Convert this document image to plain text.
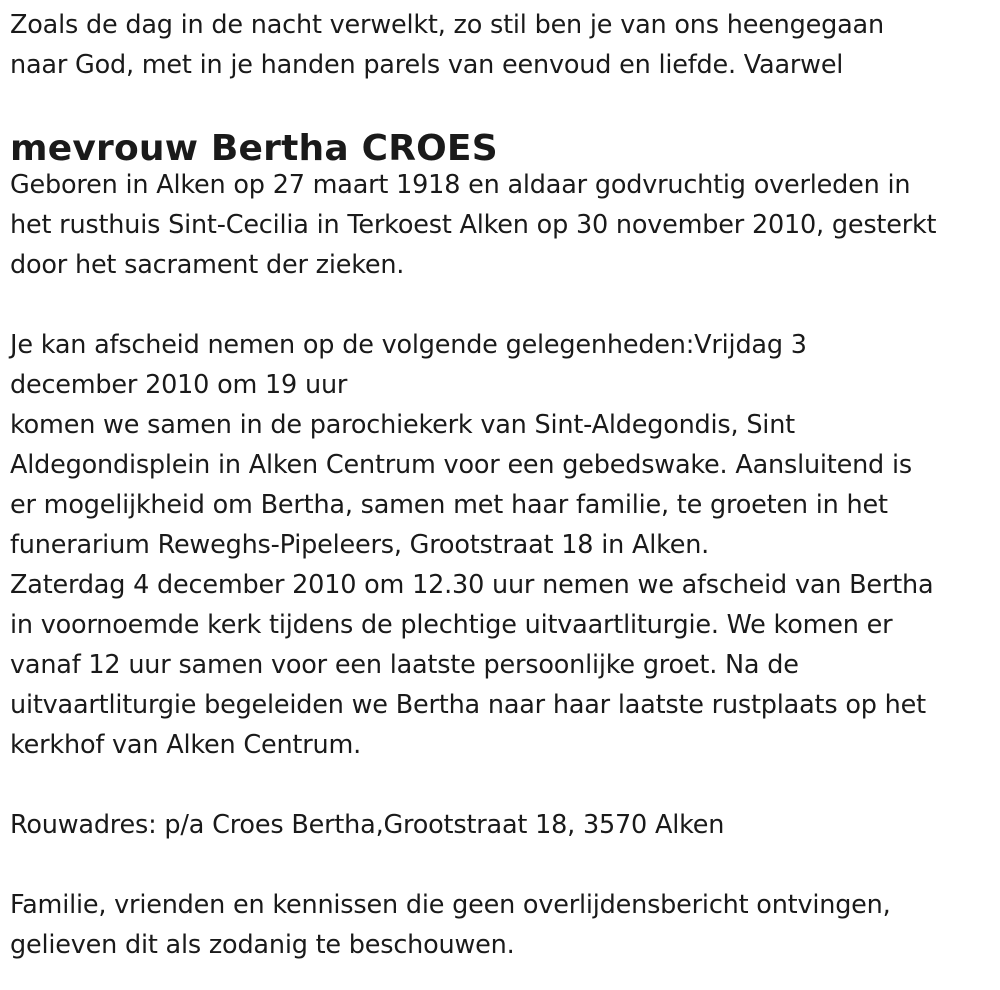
Zoals de dag in de nacht verwelkt, zo stil ben je van ons heengegaan
naar God, met in je handen parels van eenvoud en liefde. Vaarwel
mevrouw Bertha CROES
Geboren in Alken op 27 maart 1918 en aldaar godvruchtig overleden in
het rusthuis Sint-Cecilia in Terkoest Alken op 30 november 2010, gesterkt
door het sacrament der zieken.
Je kan afscheid nemen op de volgende gelegenheden:Vrijdag 3
december 2010 om 19 uur
komen we samen in de parochiekerk van Sint-Aldegondis, Sint
Aldegondisplein in Alken Centrum voor een gebedswake. Aansluitend is
er mogelijkheid om Bertha, samen met haar familie, te groeten in het
funerarium Reweghs-Pipeleers, Grootstraat 18 in Alken.
Zaterdag 4 december 2010 om 12.30 uur nemen we afscheid van Bertha
in voornoemde kerk tijdens de plechtige uitvaartliturgie. We komen er
vanaf 12 uur samen voor een laatste persoonlijke groet. Na de
uitvaartliturgie begeleiden we Bertha naar haar laatste rustplaats op het
kerkhof van Alken Centrum.
Rouwadres: p/a Croes Bertha,Grootstraat 18, 3570 Alken
Familie, vrienden en kennissen die geen overlijdensbericht ontvingen,
gelieven dit als zodanig te beschouwen.
